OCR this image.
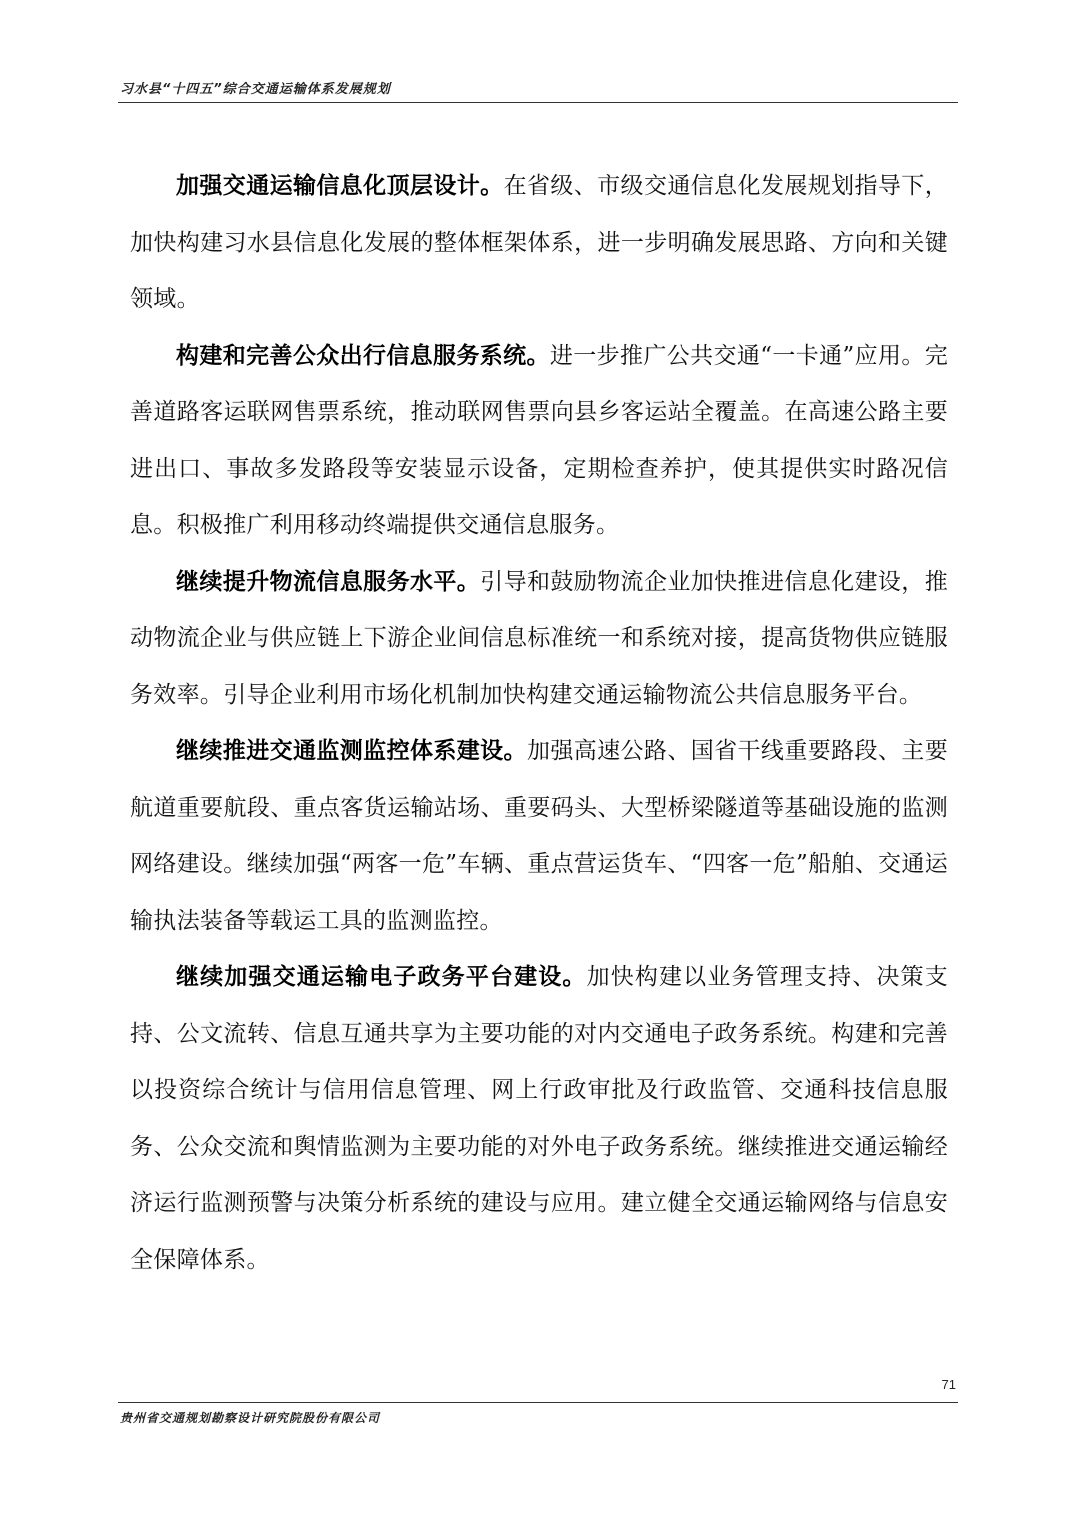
习水县“十四五”综合交通运输体系发展规划

加强交通运输信息化顶层设计。在省级、市级交通信息化发展规划指导下，加快构建习水县信息化发展的整体框架体系，进一步明确发展思路、方向和关键领域。

构建和完善公众出行信息服务系统。进一步推广公共交通“一卡通”应用。完善道路客运联网售票系统，推动联网售票向县乡客运站全覆盖。在高速公路主要进出口、事故多发路段等安装显示设备，定期检查养护，使其提供实时路况信息。积极推广利用移动终端提供交通信息服务。

继续提升物流信息服务水平。引导和鼓励物流企业加快推进信息化建设，推动物流企业与供应链上下游企业间信息标准统一和系统对接，提高货物供应链服务效率。引导企业利用市场化机制加快构建交通运输物流公共信息服务平台。

继续推进交通监测监控体系建设。加强高速公路、国省干线重要路段、主要航道重要航段、重点客货运输站场、重要码头、大型桥梁隧道等基础设施的监测网络建设。继续加强“两客一危”车辆、重点营运货车、“四客一危”船舶、交通运输执法装备等载运工具的监测监控。

继续加强交通运输电子政务平台建设。加快构建以业务管理支持、决策支持、公文流转、信息互通共享为主要功能的对内交通电子政务系统。构建和完善以投资综合统计与信用信息管理、网上行政审批及行政监管、交通科技信息服务、公众交流和舆情监测为主要功能的对外电子政务系统。继续推进交通运输经济运行监测预警与决策分析系统的建设与应用。建立健全交通运输网络与信息安全保障体系。

71
贵州省交通规划勘察设计研究院股份有限公司
